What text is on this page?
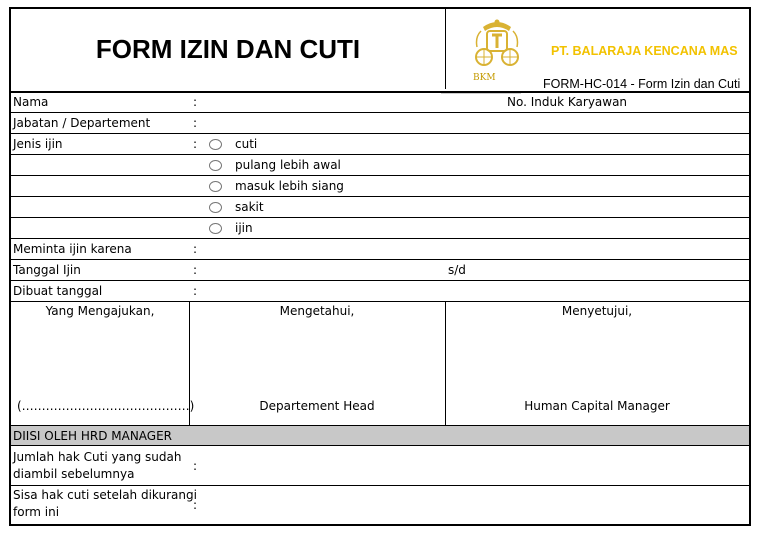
FORM IZIN DAN CUTI
BKM
PT. BALARAJA KENCANA MAS
FORM-HC-014 - Form Izin dan Cuti
Nama	:	No. Induk Karyawan
Jabatan / Departement	:
Jenis ijin	:	cuti
pulang lebih awal
masuk lebih siang
sakit
ijin
Meminta ijin karena	:
Tanggal Ijin	:	s/d
Dibuat tanggal	:
Yang Mengajukan,	Mengetahui,	Menyetujui,
(……………………………………)	Departement Head	Human Capital Manager
DIISI OLEH HRD MANAGER
Jumlah hak Cuti yang sudah
diambil sebelumnya
:
Sisa hak cuti setelah dikurangi
form ini	:
